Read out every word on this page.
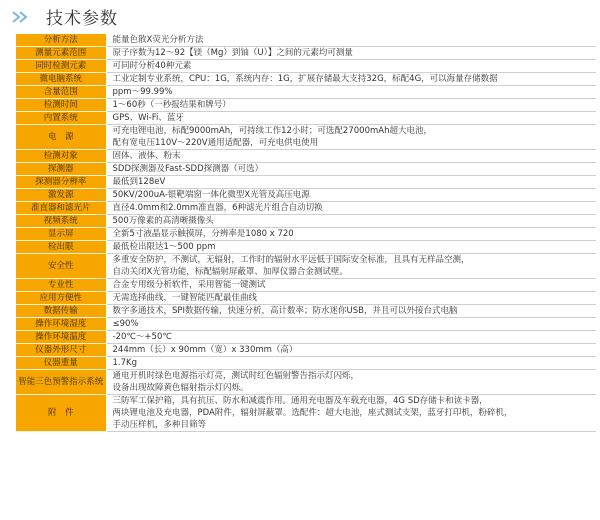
技术参数
分析方法	能量色散X荧光分析方法

测量元素范围	原子序数为12～92【镁（Mg）到铀（U）】之间的元素均可测量

同时检测元素	可同时分析40种元素

微电脑系统	工业定制专业系统，CPU：1G，系统内存：1G，扩展存储最大支持32G，标配4G，可以海量存储数据

含量范围	ppm～99.99%

检测时间	1～60秒（一秒报结果和牌号）

内置系统	GPS、Wi-Fi、蓝牙

电　源	可充电锂电池，标配9000mAh，可持续工作12小时；可选配27000mAh超大电池，
配有宽电压110V～220V通用适配器，可充电供电使用

检测对象	固体、液体、粉末

探测器	SDD探测器及Fast-SDD探测器（可选）

探测器分辨率	最低到128eV

激发源	50KV/200uA-银靶端窗一体化微型X光管及高压电源

准直器和滤光片	直径4.0mm和2.0mm准直器，6种滤光片组合自动切换

视频系统	500万像素的高清晰摄像头

显示屏	全新5寸液晶显示触摸屏，分辨率是1080 x 720

检出限	最低检出限达1～500 ppm

安全性	多重安全防护，不测试，无辐射，工作时的辐射水平远低于国际安全标准，且具有无样品空测，
自动关闭X光管功能，标配辐射屏蔽罩、加厚仪器合金测试壁。

专业性	合金专用级分析软件，采用智能一键测试

应用方便性	无需选择曲线，一键智能匹配最佳曲线

数据传输	数字多通技术，SPI数据传输，快速分析，高计数率；防水迷你USB，并且可以外接台式电脑

操作环境湿度	≤90%

操作环境温度	-20℃～+50℃

仪器外形尺寸	244mm（长）x 90mm（宽）x 330mm（高）

仪器重量	1.7Kg

智能三色预警指示系统	通电开机时绿色电源指示灯亮，测试时红色辐射警告指示灯闪烁，
设备出现故障黄色辐射指示灯闪烁。

附　件	三防军工保护箱，具有抗压、防水和减震作用。通用充电器及车载充电器，4G SD存储卡和读卡器，
两块锂电池及充电器，PDA附件，辐射屏蔽罩。选配件：超大电池，座式测试支架，蓝牙打印机，粉碎机，
手动压样机，多种目筛等
